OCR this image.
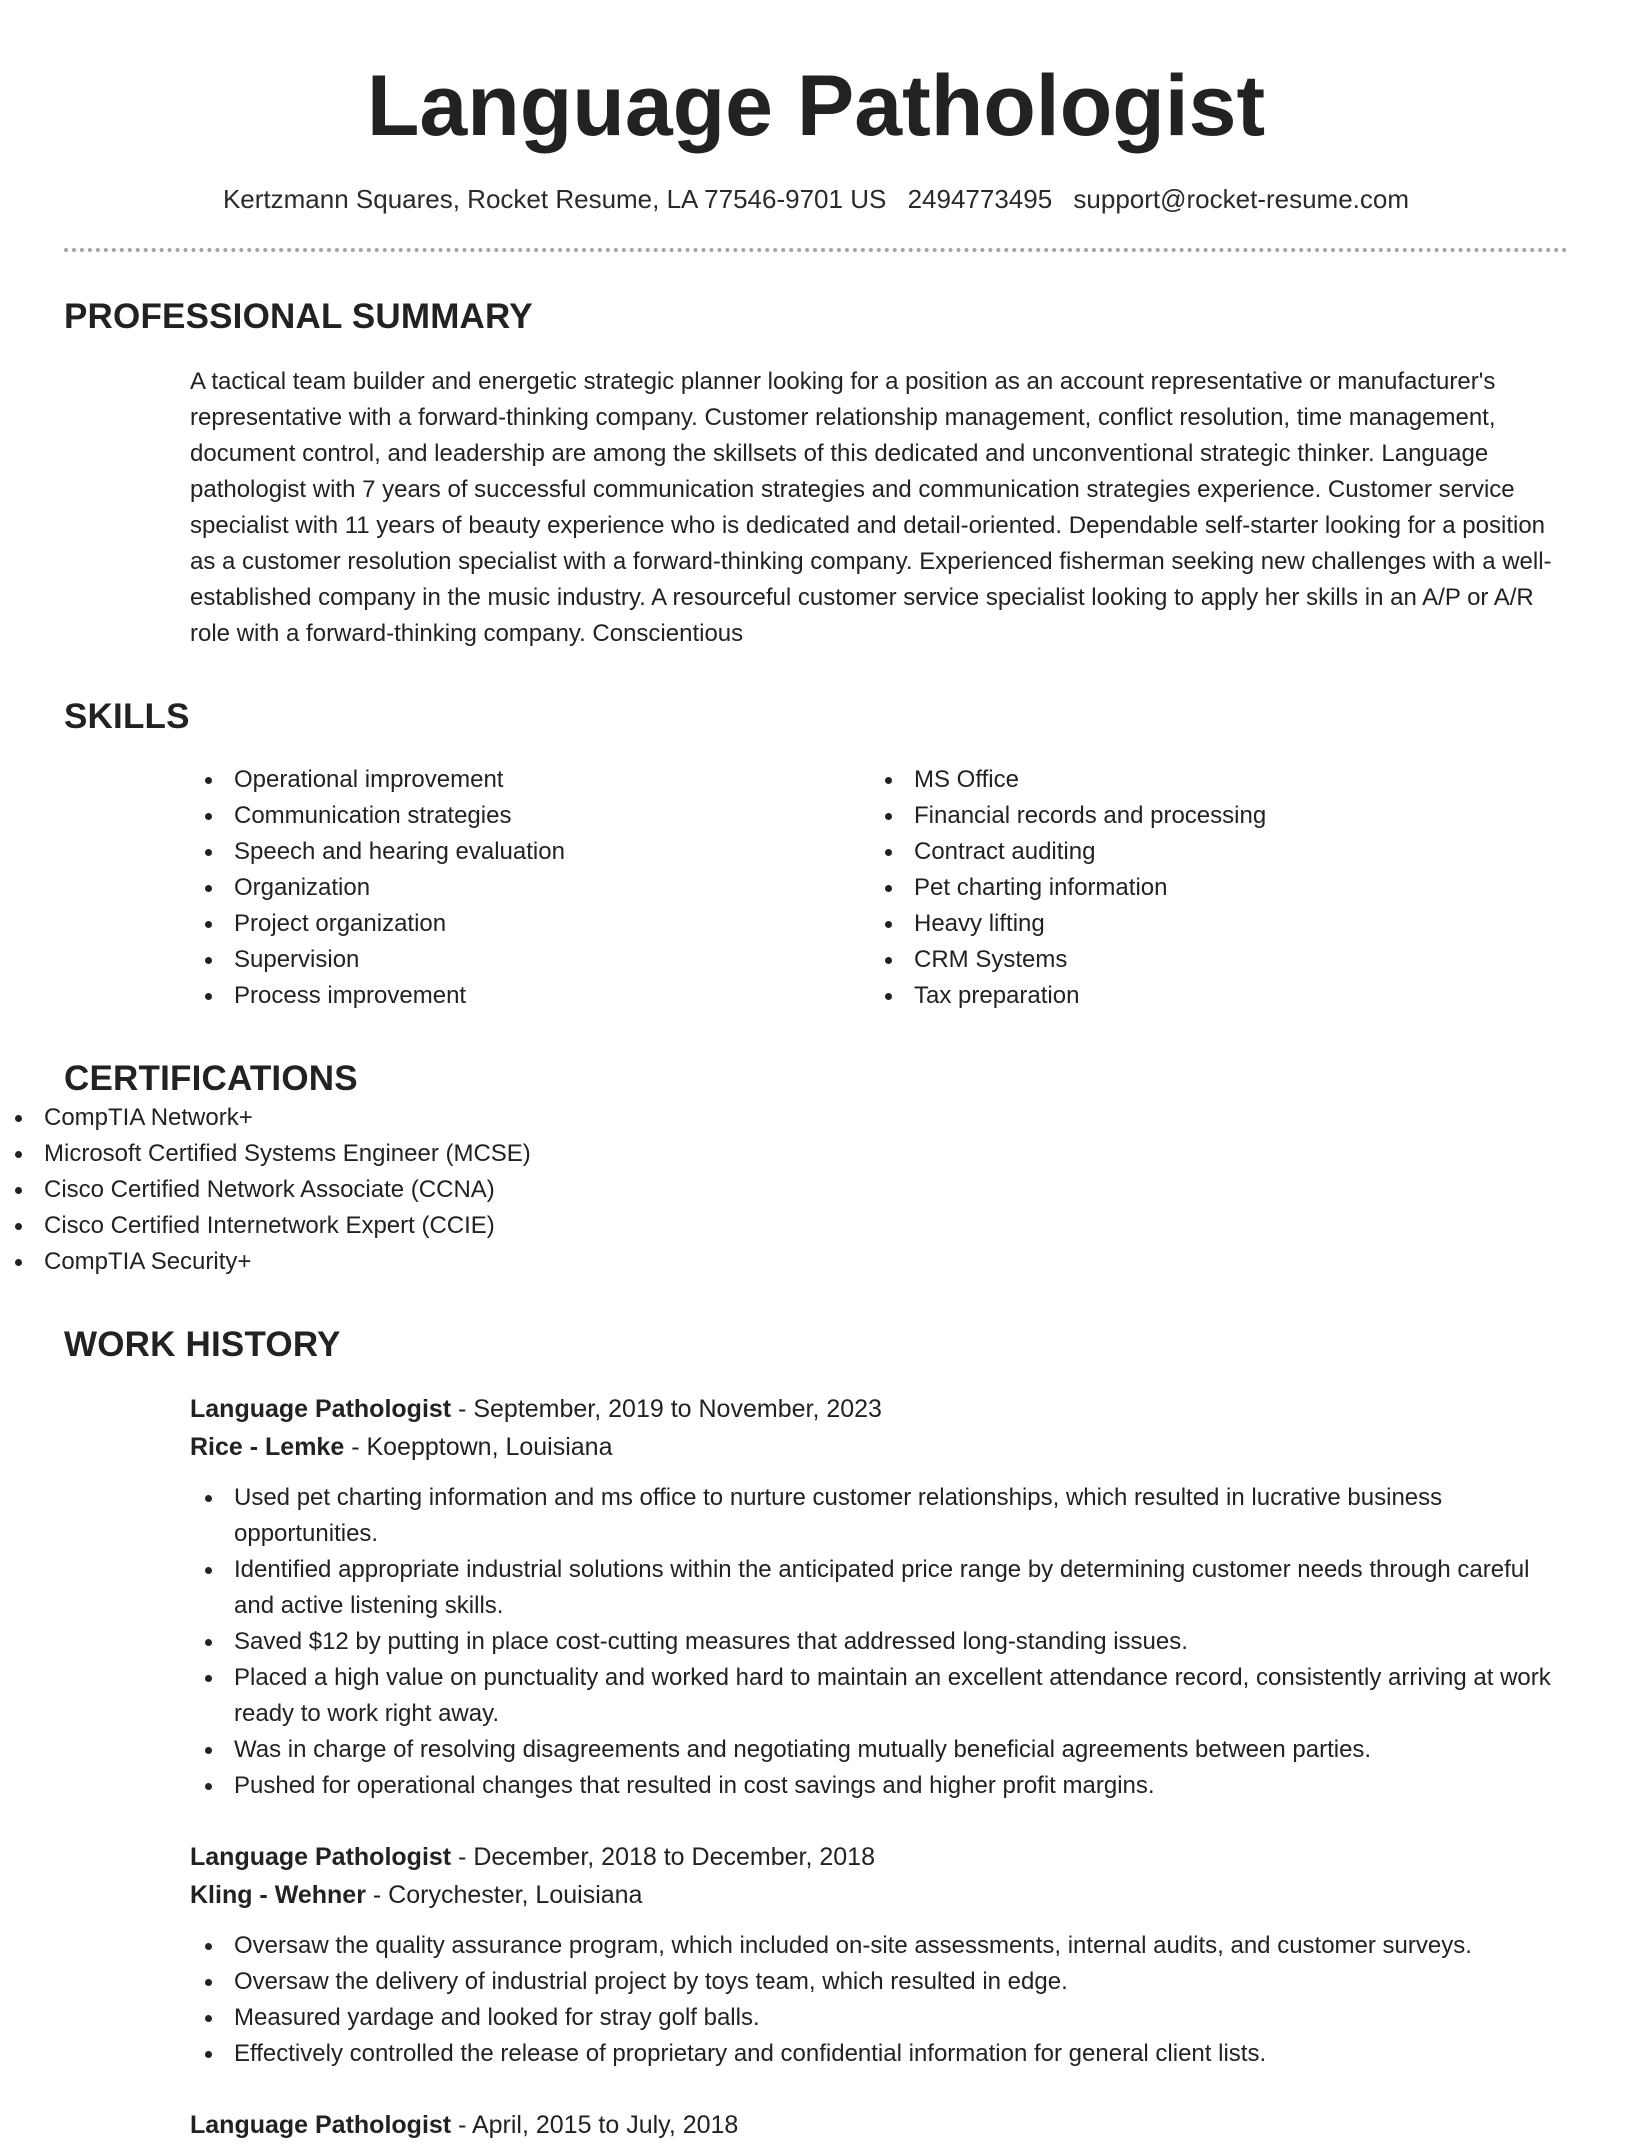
Language Pathologist
Kertzmann Squares, Rocket Resume, LA 77546-9701 US 2494773495 support@rocket-resume.com
PROFESSIONAL SUMMARY
A tactical team builder and energetic strategic planner looking for a position as an account representative or manufacturer's representative with a forward-thinking company. Customer relationship management, conflict resolution, time management, document control, and leadership are among the skillsets of this dedicated and unconventional strategic thinker. Language pathologist with 7 years of successful communication strategies and communication strategies experience. Customer service specialist with 11 years of beauty experience who is dedicated and detail-oriented. Dependable self-starter looking for a position as a customer resolution specialist with a forward-thinking company. Experienced fisherman seeking new challenges with a well-established company in the music industry. A resourceful customer service specialist looking to apply her skills in an A/P or A/R role with a forward-thinking company. Conscientious
SKILLS
Operational improvement
Communication strategies
Speech and hearing evaluation
Organization
Project organization
Supervision
Process improvement
MS Office
Financial records and processing
Contract auditing
Pet charting information
Heavy lifting
CRM Systems
Tax preparation
CERTIFICATIONS
CompTIA Network+
Microsoft Certified Systems Engineer (MCSE)
Cisco Certified Network Associate (CCNA)
Cisco Certified Internetwork Expert (CCIE)
CompTIA Security+
WORK HISTORY
Language Pathologist - September, 2019 to November, 2023
Rice - Lemke - Koepptown, Louisiana
Used pet charting information and ms office to nurture customer relationships, which resulted in lucrative business opportunities.
Identified appropriate industrial solutions within the anticipated price range by determining customer needs through careful and active listening skills.
Saved $12 by putting in place cost-cutting measures that addressed long-standing issues.
Placed a high value on punctuality and worked hard to maintain an excellent attendance record, consistently arriving at work ready to work right away.
Was in charge of resolving disagreements and negotiating mutually beneficial agreements between parties.
Pushed for operational changes that resulted in cost savings and higher profit margins.
Language Pathologist - December, 2018 to December, 2018
Kling - Wehner - Corychester, Louisiana
Oversaw the quality assurance program, which included on-site assessments, internal audits, and customer surveys.
Oversaw the delivery of industrial project by toys team, which resulted in edge.
Measured yardage and looked for stray golf balls.
Effectively controlled the release of proprietary and confidential information for general client lists.
Language Pathologist - April, 2015 to July, 2018
